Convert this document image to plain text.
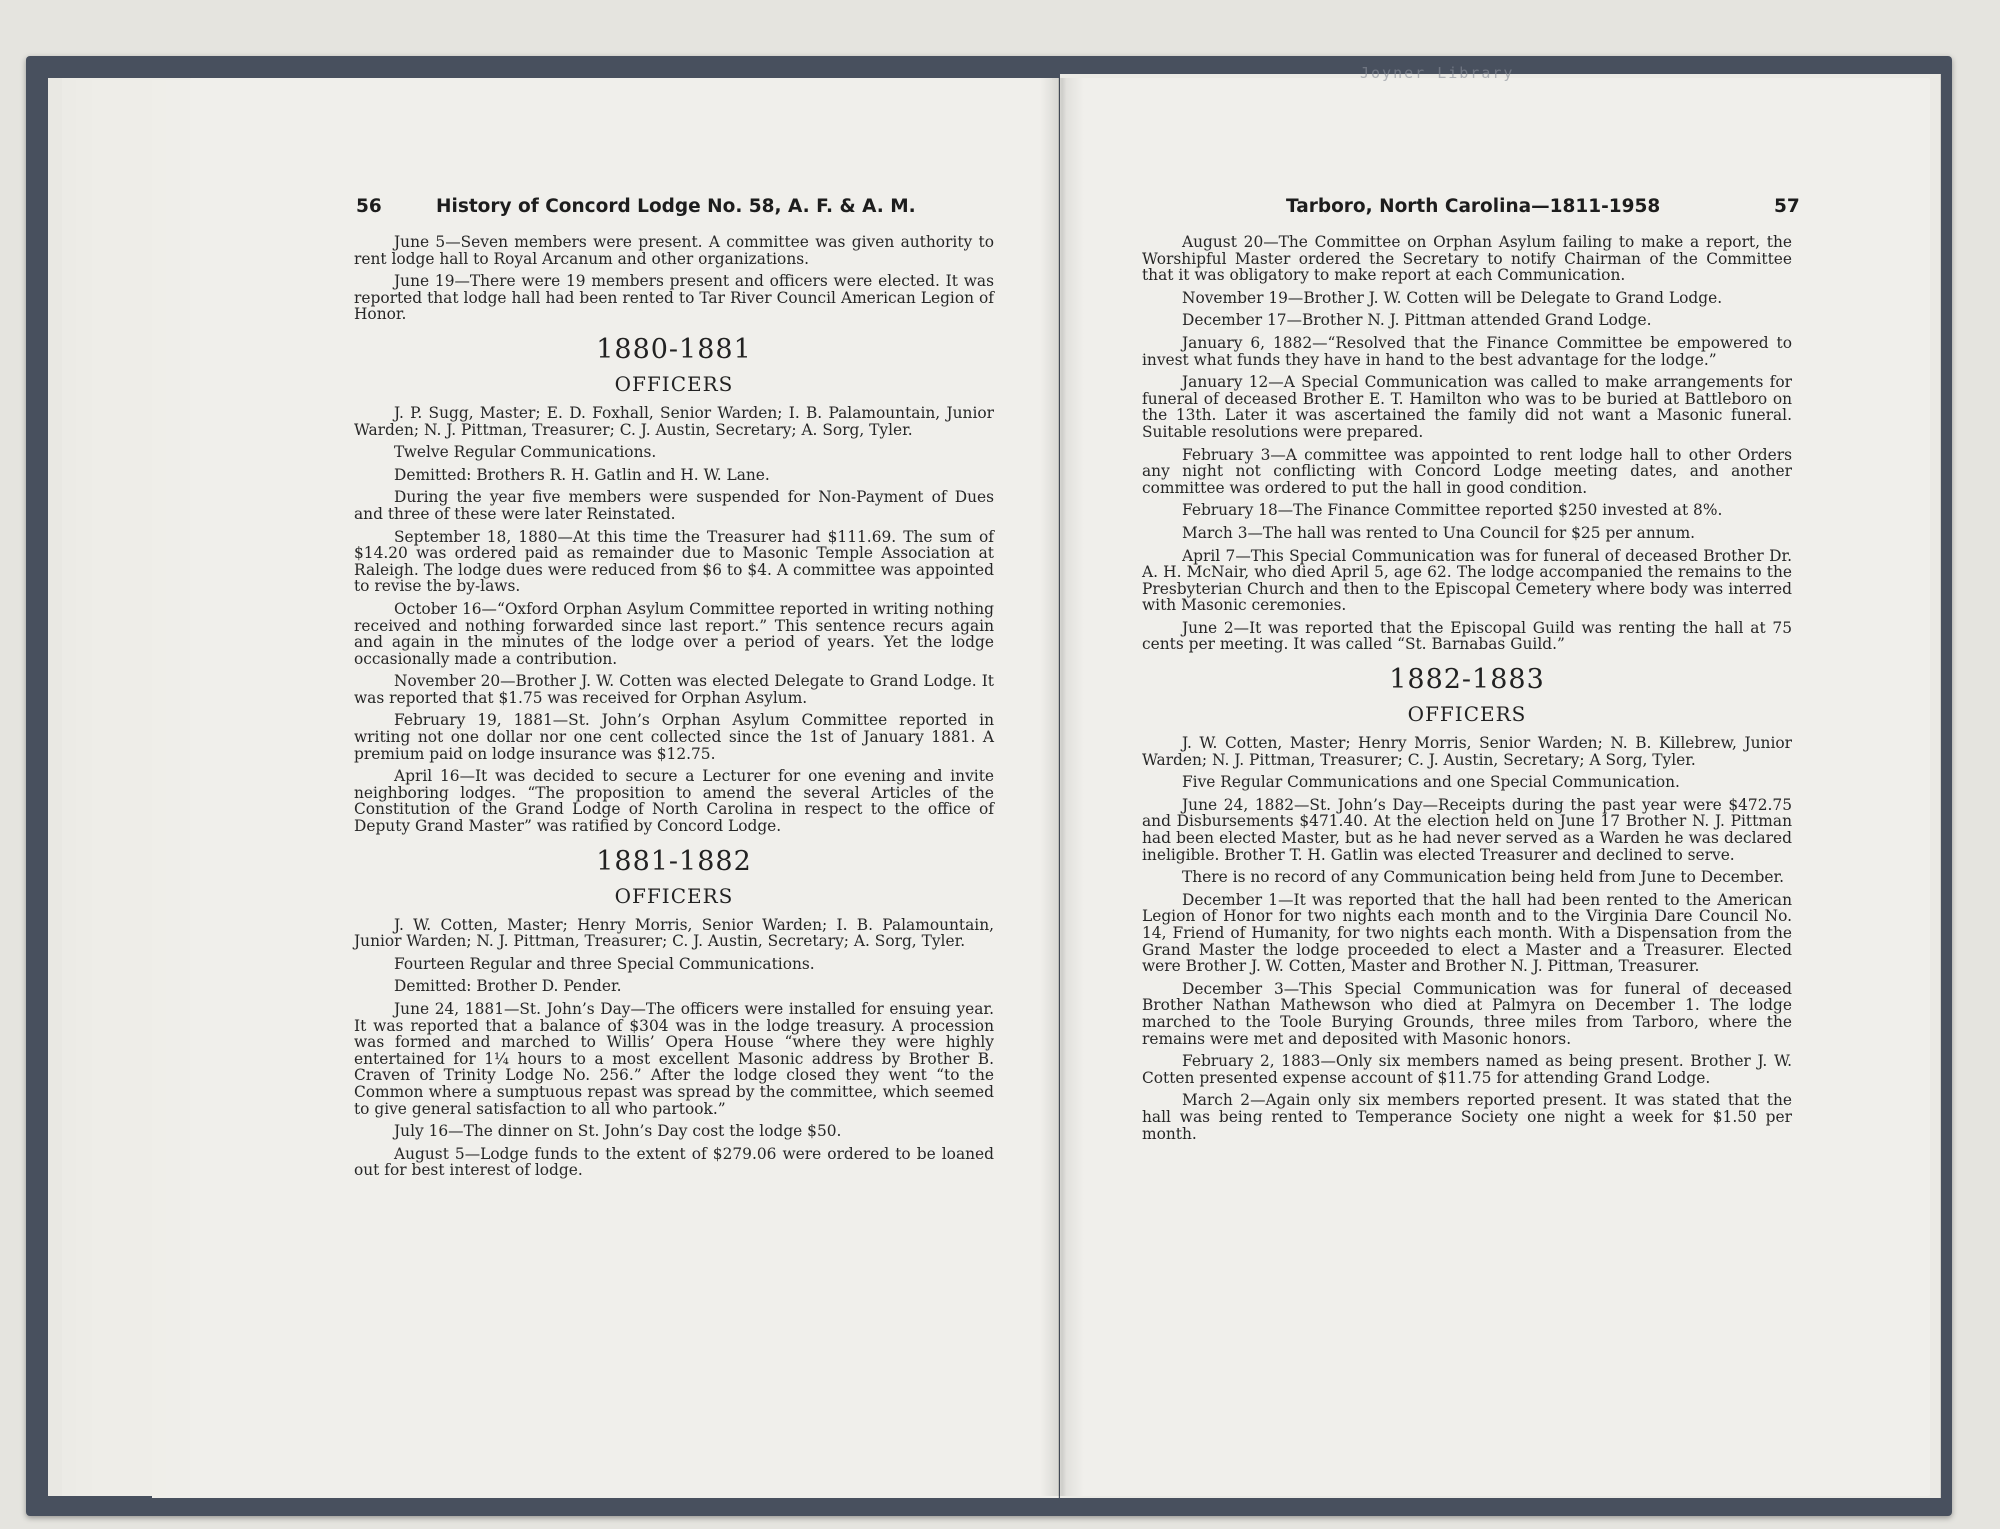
56	History of Concord Lodge No. 58, A. F. & A. M.

June 5—Seven members were present. A committee was given authority to rent lodge hall to Royal Arcanum and other organizations.

June 19—There were 19 members present and officers were elected. It was reported that lodge hall had been rented to Tar River Council American Legion of Honor.

1880-1881
OFFICERS

J. P. Sugg, Master; E. D. Foxhall, Senior Warden; I. B. Palamountain, Junior Warden; N. J. Pittman, Treasurer; C. J. Austin, Secretary; A. Sorg, Tyler.

Twelve Regular Communications.

Demitted: Brothers R. H. Gatlin and H. W. Lane.

During the year five members were suspended for Non-Payment of Dues and three of these were later Reinstated.

September 18, 1880—At this time the Treasurer had $111.69. The sum of $14.20 was ordered paid as remainder due to Masonic Temple Association at Raleigh. The lodge dues were reduced from $6 to $4. A committee was appointed to revise the by-laws.

October 16—“Oxford Orphan Asylum Committee reported in writing nothing received and nothing forwarded since last report.” This sentence recurs again and again in the minutes of the lodge over a period of years. Yet the lodge occasionally made a contribution.

November 20—Brother J. W. Cotten was elected Delegate to Grand Lodge. It was reported that $1.75 was received for Orphan Asylum.

February 19, 1881—St. John’s Orphan Asylum Committee reported in writing not one dollar nor one cent collected since the 1st of January 1881. A premium paid on lodge insurance was $12.75.

April 16—It was decided to secure a Lecturer for one evening and invite neighboring lodges. “The proposition to amend the several Articles of the Constitution of the Grand Lodge of North Carolina in respect to the office of Deputy Grand Master” was ratified by Concord Lodge.

1881-1882
OFFICERS

J. W. Cotten, Master; Henry Morris, Senior Warden; I. B. Palamountain, Junior Warden; N. J. Pittman, Treasurer; C. J. Austin, Secretary; A. Sorg, Tyler.

Fourteen Regular and three Special Communications.

Demitted: Brother D. Pender.

June 24, 1881—St. John’s Day—The officers were installed for ensuing year. It was reported that a balance of $304 was in the lodge treasury. A procession was formed and marched to Willis’ Opera House “where they were highly entertained for 1¼ hours to a most excellent Masonic address by Brother B. Craven of Trinity Lodge No. 256.” After the lodge closed they went “to the Common where a sumptuous repast was spread by the committee, which seemed to give general satisfaction to all who partook.”

July 16—The dinner on St. John’s Day cost the lodge $50.

August 5—Lodge funds to the extent of $279.06 were ordered to be loaned out for best interest of lodge.

Tarboro, North Carolina—1811-1958	57

August 20—The Committee on Orphan Asylum failing to make a report, the Worshipful Master ordered the Secretary to notify Chairman of the Committee that it was obligatory to make report at each Communication.

November 19—Brother J. W. Cotten will be Delegate to Grand Lodge.

December 17—Brother N. J. Pittman attended Grand Lodge.

January 6, 1882—“Resolved that the Finance Committee be empowered to invest what funds they have in hand to the best advantage for the lodge.”

January 12—A Special Communication was called to make arrangements for funeral of deceased Brother E. T. Hamilton who was to be buried at Battleboro on the 13th. Later it was ascertained the family did not want a Masonic funeral. Suitable resolutions were prepared.

February 3—A committee was appointed to rent lodge hall to other Orders any night not conflicting with Concord Lodge meeting dates, and another committee was ordered to put the hall in good condition.

February 18—The Finance Committee reported $250 invested at 8%.

March 3—The hall was rented to Una Council for $25 per annum.

April 7—This Special Communication was for funeral of deceased Brother Dr. A. H. McNair, who died April 5, age 62. The lodge accompanied the remains to the Presbyterian Church and then to the Episcopal Cemetery where body was interred with Masonic ceremonies.

June 2—It was reported that the Episcopal Guild was renting the hall at 75 cents per meeting. It was called “St. Barnabas Guild.”

1882-1883
OFFICERS

J. W. Cotten, Master; Henry Morris, Senior Warden; N. B. Killebrew, Junior Warden; N. J. Pittman, Treasurer; C. J. Austin, Secretary; A Sorg, Tyler.

Five Regular Communications and one Special Communication.

June 24, 1882—St. John’s Day—Receipts during the past year were $472.75 and Disbursements $471.40. At the election held on June 17 Brother N. J. Pittman had been elected Master, but as he had never served as a Warden he was declared ineligible. Brother T. H. Gatlin was elected Treasurer and declined to serve.

There is no record of any Communication being held from June to December.

December 1—It was reported that the hall had been rented to the American Legion of Honor for two nights each month and to the Virginia Dare Council No. 14, Friend of Humanity, for two nights each month. With a Dispensation from the Grand Master the lodge proceeded to elect a Master and a Treasurer. Elected were Brother J. W. Cotten, Master and Brother N. J. Pittman, Treasurer.

December 3—This Special Communication was for funeral of deceased Brother Nathan Mathewson who died at Palmyra on December 1. The lodge marched to the Toole Burying Grounds, three miles from Tarboro, where the remains were met and deposited with Masonic honors.

February 2, 1883—Only six members named as being present. Brother J. W. Cotten presented expense account of $11.75 for attending Grand Lodge.

March 2—Again only six members reported present. It was stated that the hall was being rented to Temperance Society one night a week for $1.50 per month.

Joyner Library
